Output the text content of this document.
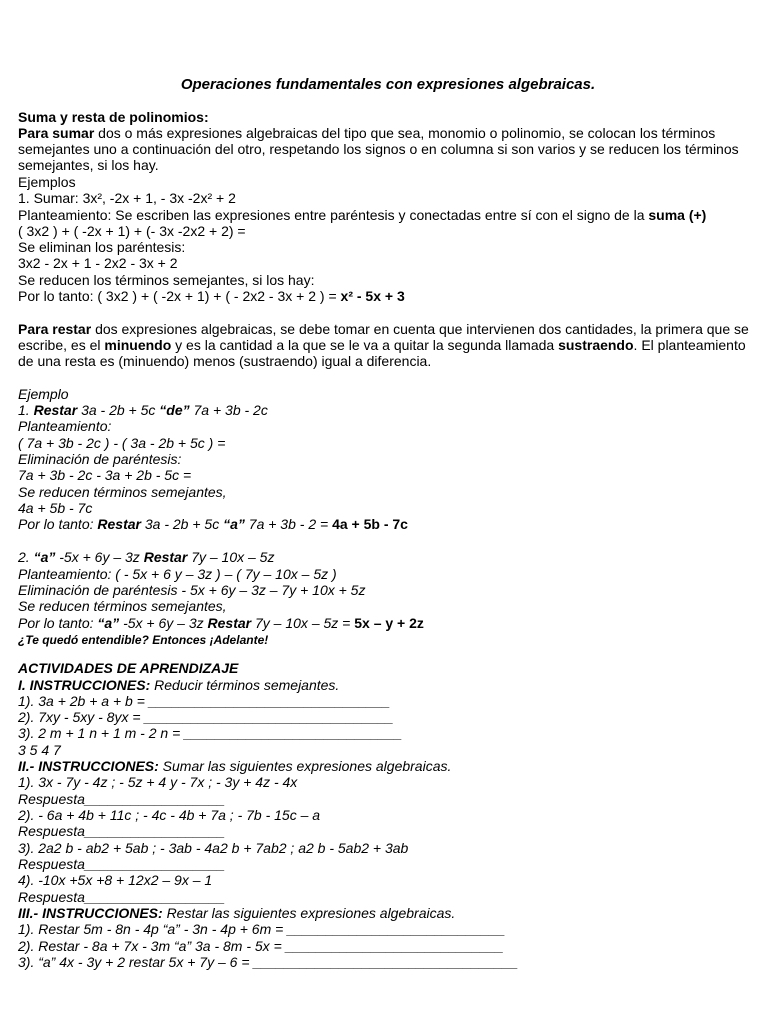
Operaciones fundamentales con expresiones algebraicas.
Suma y resta de polinomios:
Para sumar dos o más expresiones algebraicas del tipo que sea, monomio o polinomio, se colocan los términos semejantes uno a continuación del otro, respetando los signos o en columna si son varios y se reducen los términos semejantes, si los hay.
Ejemplos
1. Sumar: 3x², -2x + 1, - 3x -2x² + 2
Planteamiento: Se escriben las expresiones entre paréntesis y conectadas entre sí con el signo de la suma (+)
( 3x2 ) + ( -2x + 1) + (- 3x -2x2 + 2) =
Se eliminan los paréntesis:
3x2 - 2x + 1 - 2x2 - 3x + 2
Se reducen los términos semejantes, si los hay:
Por lo tanto: ( 3x2 ) + ( -2x + 1) + ( - 2x2 - 3x + 2 ) = x² - 5x + 3
Para restar dos expresiones algebraicas, se debe tomar en cuenta que intervienen dos cantidades, la primera que se escribe, es el minuendo y es la cantidad a la que se le va a quitar la segunda llamada sustraendo. El planteamiento de una resta es (minuendo) menos (sustraendo) igual a diferencia.
Ejemplo
1. Restar 3a - 2b + 5c “de” 7a + 3b - 2c
Planteamiento:
( 7a + 3b - 2c ) - ( 3a - 2b + 5c ) =
Eliminación de paréntesis:
7a + 3b - 2c - 3a + 2b - 5c =
Se reducen términos semejantes,
4a + 5b - 7c
Por lo tanto: Restar 3a - 2b + 5c “a” 7a + 3b - 2 = 4a + 5b - 7c
2. “a” -5x + 6y – 3z Restar 7y – 10x – 5z
Planteamiento: ( - 5x + 6 y – 3z ) – ( 7y – 10x – 5z )
Eliminación de paréntesis - 5x + 6y – 3z – 7y + 10x + 5z
Se reducen términos semejantes,
Por lo tanto: “a” -5x + 6y – 3z Restar 7y – 10x – 5z = 5x – y + 2z
¿Te quedó entendible? Entonces ¡Adelante!
ACTIVIDADES DE APRENDIZAJE
I. INSTRUCCIONES: Reducir términos semejantes.
1). 3a + 2b + a + b = _______________________________
2). 7xy - 5xy - 8yx = ________________________________
3). 2 m + 1 n + 1 m - 2 n = ____________________________
3 5 4 7
II.- INSTRUCCIONES: Sumar las siguientes expresiones algebraicas.
1). 3x - 7y - 4z ; - 5z + 4 y - 7x ; - 3y + 4z - 4x
Respuesta__________________
2). - 6a + 4b + 11c ; - 4c - 4b + 7a ; - 7b - 15c – a
Respuesta__________________
3). 2a2 b - ab2 + 5ab ; - 3ab - 4a2 b + 7ab2 ; a2 b - 5ab2 + 3ab
Respuesta__________________
4). -10x +5x +8 + 12x2 – 9x – 1
Respuesta__________________
III.- INSTRUCCIONES: Restar las siguientes expresiones algebraicas.
1). Restar 5m - 8n - 4p “a” - 3n - 4p + 6m = ____________________________
2). Restar - 8a + 7x - 3m “a” 3a - 8m - 5x = ____________________________
3). “a” 4x - 3y + 2 restar 5x + 7y – 6 = __________________________________
